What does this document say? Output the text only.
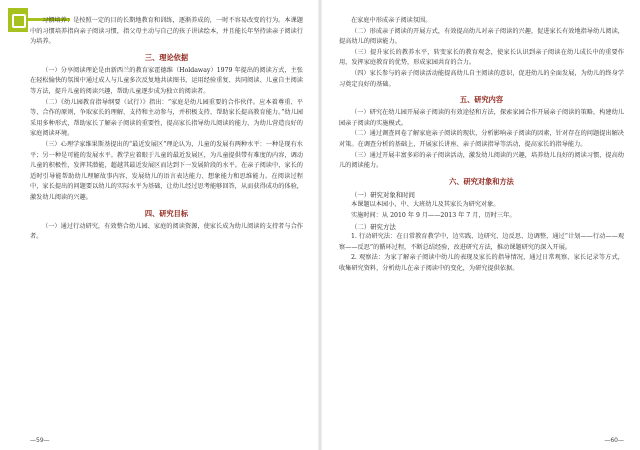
习惯培养；是按照一定的目的长期地教育和训练，逐渐养成的，一时不容易改变的行为。本课题中的习惯培养指向亲子阅读习惯，指父母主动与自己的孩子讲读绘本，并且能长年坚持读亲子阅读行为培养。

三、理论依据

（一）分享阅读理论是由新西兰的教育家霍德维（Holdaway）1979 年提出的阅读方式，主张在轻松愉快的氛围中通过成人与儿童多次反复地共读图书，运用经验重复、共同阅读、儿童自主阅读等方法，提升儿童的阅读兴趣，帮助儿童逐步成为独立的阅读者。

（二）《幼儿园教育指导纲要（试行）》指出：“家庭是幼儿园重要的合作伙伴。应本着尊重、平等、合作的原则，争取家长的理解、支持和主动参与，并积极支持、帮助家长提高教育能力。”幼儿园采用多种形式，帮助家长了解亲子阅读的重要性，提高家长指导幼儿阅读的能力，为幼儿营造良好的家庭阅读环境。

（三）心理学家维果斯基提出的“最近发展区”理论认为，儿童的发展有两种水平：一种是现有水平；另一种是可能的发展水平。教学应着眼于儿童的最近发展区，为儿童提供带有难度的内容，调动儿童的积极性，发挥其潜能，超越其最近发展区而达到下一发展阶段的水平。在亲子阅读中，家长的适时引导能帮助幼儿理解故事内容，发展幼儿的语言表达能力、想象能力和思维能力。在阅读过程中，家长提出的问题要以幼儿的实际水平为基础，让幼儿经过思考能够回答，从而获得成功的体验，激发幼儿阅读的兴趣。

四、研究目标

（一）通过行动研究，有效整合幼儿园、家庭的阅读资源，使家长成为幼儿阅读的支持者与合作者。

—59—

在家庭中形成亲子阅读氛围。

（二）形成亲子阅读的开展方式，有效提高幼儿对亲子阅读的兴趣，促进家长有效地指导幼儿阅读，提高幼儿的阅读能力。

（三）提升家长的教养水平，转变家长的教育观念，使家长认识到亲子阅读在幼儿成长中的重要作用，发挥家庭教育的优势，形成家园共育的合力。

（四）家长参与的亲子阅读活动能提高幼儿自主阅读的意识，促进幼儿的全面发展，为幼儿的终身学习奠定良好的基础。

五、研究内容

（一）研究在幼儿园开展亲子阅读的有效途径和方法，探索家园合作开展亲子阅读的策略，构建幼儿园亲子阅读的实施模式。

（二）通过调查问卷了解家庭亲子阅读的现状，分析影响亲子阅读的因素，针对存在的问题提出解决对策。在调查分析的基础上，开展家长讲座、亲子阅读指导等活动，提高家长的指导能力。

（三）通过开展丰富多彩的亲子阅读活动，激发幼儿阅读的兴趣，培养幼儿良好的阅读习惯，提高幼儿的阅读能力。

六、研究对象和方法

（一）研究对象和时间

本课题以本园小、中、大班幼儿及其家长为研究对象。

实施时间：从 2010 年 9 月——2013 年 7 月，历时三年。

（二）研究方法

1. 行动研究法：在日常教育教学中，边实践、边研究、边反思、边调整，通过“计划——行动——观察——反思”的循环过程，不断总结经验，改进研究方法，推动课题研究的深入开展。

2. 观察法：为家了解亲子阅读中幼儿的表现及家长的指导情况，通过日常观察、家长记录等方式，收集研究资料，分析幼儿在亲子阅读中的变化，为研究提供依据。

—60—
